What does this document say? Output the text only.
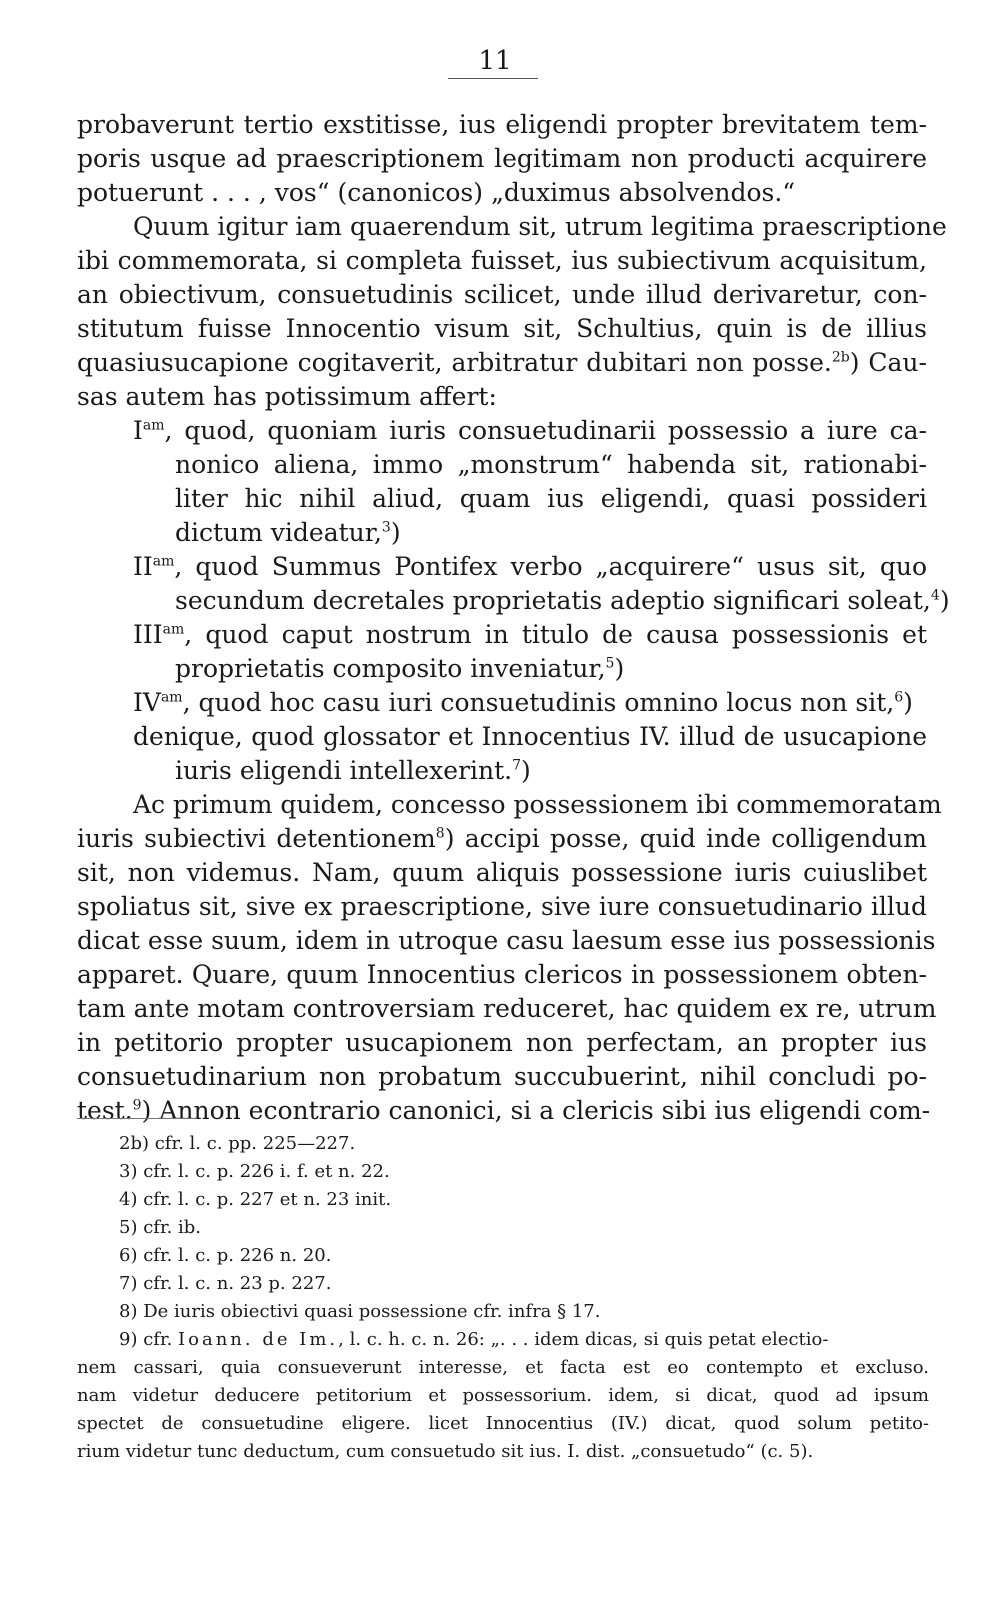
11
probaverunt tertio exstitisse, ius eligendi propter brevitatem tem-
poris usque ad praescriptionem legitimam non producti acquirere
potuerunt . . . , vos“ (canonicos) „duximus absolvendos.“
Quum igitur iam quaerendum sit, utrum legitima praescriptione
ibi commemorata, si completa fuisset, ius subiectivum acquisitum,
an obiectivum, consuetudinis scilicet, unde illud derivaretur, con-
stitutum fuisse Innocentio visum sit, Schultius, quin is de illius
quasiusucapione cogitaverit, arbitratur dubitari non posse.$^{2b}$) Cau-
sas autem has potissimum affert:
$I^{am}$, quod, quoniam iuris consuetudinarii possessio a iure ca-
nonico aliena, immo „monstrum“ habenda sit, rationabi-
liter hic nihil aliud, quam ius eligendi, quasi possideri
dictum videatur,$^3$)
$II^{am}$, quod Summus Pontifex verbo „acquirere“ usus sit, quo
secundum decretales proprietatis adeptio significari soleat,$^4$)
$III^{am}$, quod caput nostrum in titulo de causa possessionis et
proprietatis composito inveniatur,$^5$)
$IV^{am}$, quod hoc casu iuri consuetudinis omnino locus non sit,$^6$)
denique, quod glossator et Innocentius IV. illud de usucapione
iuris eligendi intellexerint.$^7$)
Ac primum quidem, concesso possessionem ibi commemoratam
iuris subiectivi detentionem$^8$) accipi posse, quid inde colligendum
sit, non videmus. Nam, quum aliquis possessione iuris cuiuslibet
spoliatus sit, sive ex praescriptione, sive iure consuetudinario illud
dicat esse suum, idem in utroque casu laesum esse ius possessionis
apparet. Quare, quum Innocentius clericos in possessionem obten-
tam ante motam controversiam reduceret, hac quidem ex re, utrum
in petitorio propter usucapionem non perfectam, an propter ius
consuetudinarium non probatum succubuerint, nihil concludi po-
test.$^9$) Annon econtrario canonici, si a clericis sibi ius eligendi com-
2b) cfr. l. c. pp. 225—227.
3) cfr. l. c. p. 226 i. f. et n. 22.
4) cfr. l. c. p. 227 et n. 23 init.
5) cfr. ib.
6) cfr. l. c. p. 226 n. 20.
7) cfr. l. c. n. 23 p. 227.
8) De iuris obiectivi quasi possessione cfr. infra § 17.
9) cfr. Ioann. de Im., l. c. h. c. n. 26: „. . . idem dicas, si quis petat electio-
nem cassari, quia consueverunt interesse, et facta est eo contempto et excluso.
nam videtur deducere petitorium et possessorium. idem, si dicat, quod ad ipsum
spectet de consuetudine eligere. licet Innocentius (IV.) dicat, quod solum petito-
rium videtur tunc deductum, cum consuetudo sit ius. I. dist. „consuetudo“ (c. 5).
